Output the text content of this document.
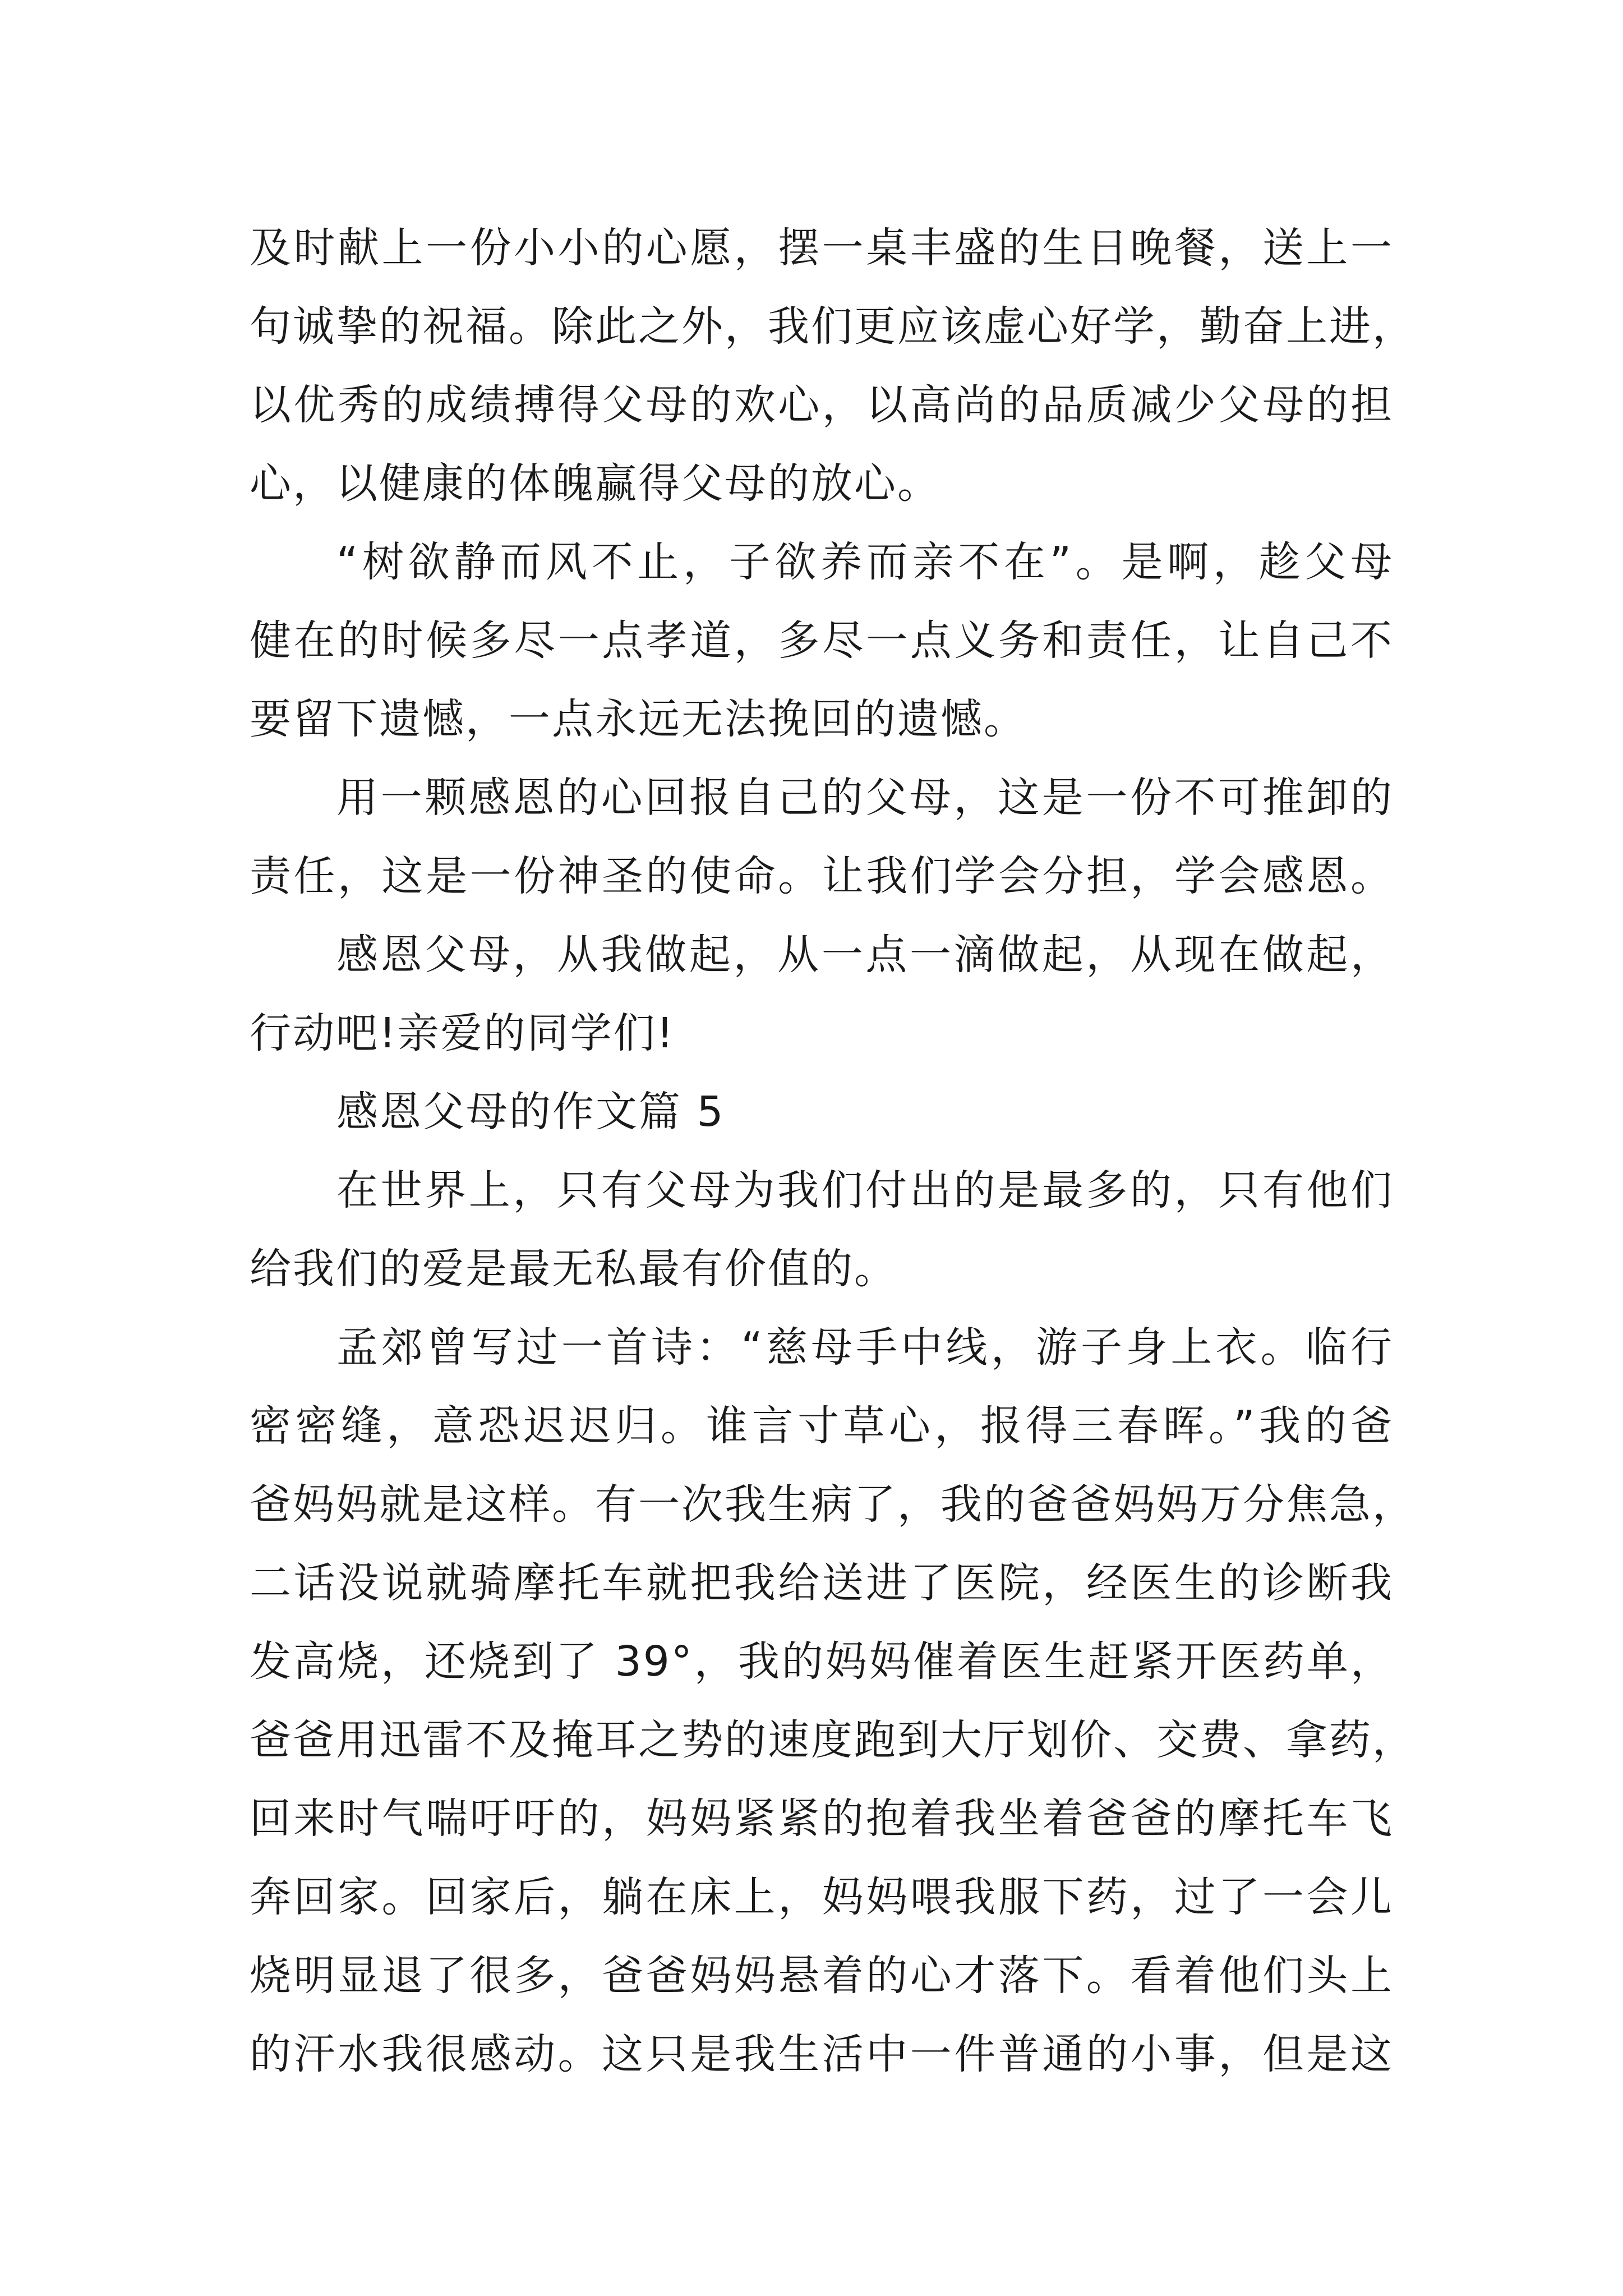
及时献上一份小小的心愿，摆一桌丰盛的生日晚餐，送上一
句诚挚的祝福。除此之外，我们更应该虚心好学，勤奋上进，
以优秀的成绩搏得父母的欢心，以高尚的品质减少父母的担
心，以健康的体魄赢得父母的放心。
“树欲静而风不止，子欲养而亲不在”。是啊，趁父母
健在的时候多尽一点孝道，多尽一点义务和责任，让自己不
要留下遗憾，一点永远无法挽回的遗憾。
用一颗感恩的心回报自己的父母，这是一份不可推卸的
责任，这是一份神圣的使命。让我们学会分担，学会感恩。
感恩父母，从我做起，从一点一滴做起，从现在做起，
行动吧!亲爱的同学们!
感恩父母的作文篇 5
在世界上，只有父母为我们付出的是最多的，只有他们
给我们的爱是最无私最有价值的。
孟郊曾写过一首诗：“慈母手中线，游子身上衣。临行
密密缝，意恐迟迟归。谁言寸草心，报得三春晖。”我的爸
爸妈妈就是这样。有一次我生病了，我的爸爸妈妈万分焦急，
二话没说就骑摩托车就把我给送进了医院，经医生的诊断我
发高烧，还烧到了 39°，我的妈妈催着医生赶紧开医药单，
爸爸用迅雷不及掩耳之势的速度跑到大厅划价、交费、拿药，
回来时气喘吁吁的，妈妈紧紧的抱着我坐着爸爸的摩托车飞
奔回家。回家后，躺在床上，妈妈喂我服下药，过了一会儿
烧明显退了很多，爸爸妈妈悬着的心才落下。看着他们头上
的汗水我很感动。这只是我生活中一件普通的小事，但是这
